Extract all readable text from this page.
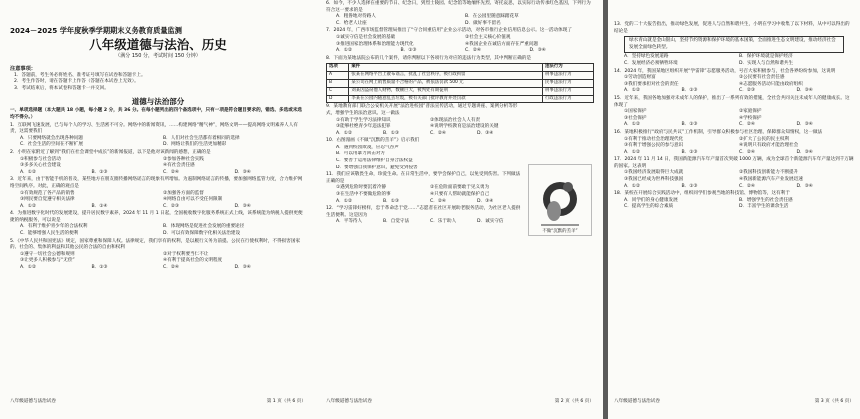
2024－2025 学年度秋季学期期末义务教育质量监测
八年级道德与法治、历史
（满分 150 分，考试时间 150 分钟）
注意事项：
1．答题前，考生务必将姓名、准考证号填写在试卷和答题卡上。
2．考生作答时，请在答题卡上作答（答题在本试卷上无效）。
3．考试结束后，将本试卷和答题卡一并交回。
道德与法治部分
一、单项选择题（本大题共 18 小题，每小题 2 分，共 36 分。在每小题列出的四个备选项中，只有一项是符合题目要求的，错选、多选或未选均不得分。）
1．互联网飞速发展，已与每个人的学习、生活密不可分。网络中的新闻资讯，……构建网络“精气神”，网络文明——提高网络文明素养人人有责，这需要我们
A．只要网络就会出现各种问题	B．人们对社会生活都有着相同的选择
C．社会生活的空间在不断扩展	D．网络让我们的生活更加精彩
2．小明在家附近了解到“我们在社会课堂中成长”的新闻报道，以下是他对该新闻的感想，正确的是
①积极参与社会活动	②参加各种社会实践
③多多关心社会建设	④有社会责任感
A．①②	B．①③	C．②④	D．③④
3．近年来，由于智能手机的普及，某些地方在朋友圈传播网络谣言的现象有所增加。为遏制网络谣言的传播，要加强网络监管力度，合力维护网络空间秩序。对此，正确的观点是
①有效规范了各产品的销售	②加强各方面的监督
③网民要自觉遵守相关法律	④网络自由可以不受任何限制
A．①②	B．①④	C．②③	D．③④
4．为推进数字化时代的发展建设，提升居民数字素养，2024 年 11 月 1 日起，全国税收数字化服务系统正式上线，该系统能为纳税人提供更便捷的纳税服务，可以说是
A．有利于维护青少年的合法权利	B．体现网络是促进社会发展的重要途径
C．能够增强人民生活的便利	D．可以有效保障数字化相关法治建设
5．《中华人民共和国宪法》规定，国家尊重和保障人权。法律规定，我们享有的权利，是以履行义务为前提。公民在行使权利时，不得损害国家的、社会的、集体的利益和其他公民的合法的自由和权利
①遵守一切社会公德和规则	②对于权利要当仁不让
③让更多人积极参与“无偿”	④有利于提高社会的文明程度
A．①②	B．①③	C．②④	D．③④
八年级道德与法治试卷	第 1 页（共 6 页）
6．如今，不少人选择在重要的节日、纪念日，到烈士陵园、纪念馆等地缅怀先烈、寄托哀思，以实际行动传承红色基因，下列行为符合这一要求的是
A．粗鲁地对待路人	B．在公园里随意踩踏花草
C．给老人让座	D．做好事不留名
7．2024 年，广西市场监督管理局推出了“守合同重信用”企业公示活动，对各市推行企业信用信息公示。这一活动体现了
①诚实守信是社会发展的基础	②社会主义核心价值观
③推进国家治理体系和治理能力现代化	④我国企业在诚信方面存在严重问题
A．①②	B．①③	C．②④	D．③④
8．下面为某地法院公布的几个案件，请你判断以下各项行为对应的违法行为类型，其中判断正确的是
选项	案件	违法行为
A	张某在网络平台上散布谣言，扰乱了社会秩序，被行政拘留	刑事违法行为
B	某公司在网上销售质量不合格的产品，被依法罚款 500 元	民事违法行为
C	刘某因盗窃他人财物，数额巨大，被判处有期徒刑	刑事违法行为
D	李某在公园内随意乱丢垃圾，被有关部门批评教育并处罚款	行政违法行为
不做“沉默的羔羊”
9．某地教育部门联合公安机关开展“法治进校园”普法宣传活动，通过专题讲座、案例分析等形式，增强学生的法治意识。这一做法
①有助于学生学习法律知识	②体现法治社会人人有责
③能够杜绝青少年违法犯罪	④说明学校教育是法治建设的关键
A．①②	B．①③	C．②④	D．③④
10．右图漫画《不做“沉默的羔羊”》启示我们
A．遇到校园欺凌，应忍气吞声
B．可以用暴力回击对方
C．要善于运用法律维护自身合法权益
D．要增强自我保护意识，避免受到侵害
11．我们应该敬畏生命，珍爱生命。在日常生活中，要学会保护自己，以免受到伤害。下列做法正确的是
①遇到危险时要沉着冷静	②在危险面前要敢于见义勇为
③在生活中不要做危险的事	④只要有人帮助就能保护自己
A．①②	B．①③	C．②④	D．③④
12．“学习雷锋好榜样，忠于革命忠于党……”志愿者在社区开展助老服务活动，为社区老人提供生活便利。这是因为
A．平等待人	B．自觉守法	C．乐于助人	D．诚实守信
八年级道德与法治试卷	第 2 页（共 6 页）
13．党的二十大报告指出，推动绿色发展，促进人与自然和谐共生，小明在学习中收集了以下材料，从中可以得出的结论是
绿水青山就是金山银山，坚持节约资源和保护环境的基本国策，全面推进生态文明建设，推动经济社会发展全面绿色转型。
A．坚持绿色发展道路	B．保护环境就是保护经济
C．发展经济必须牺牲环境	D．实现人与自然和谐共生
14．2024 年，我国某地区组织开展“学雷锋”志愿服务活动，号召大家积极参与，社会各界纷纷参加，这说明
①劳动创造财富	②公民要有社会责任感
③我们要承担对社会的责任	④志愿服务活动只能由政府组织
A．①②	B．①③	C．②③	D．③④
15．近年来，我国各地加强对未成年人的保护，推出了一系列有效的措施，全社会共同关注未成年人的健康成长。这体现了
①国家保护	②家庭保护
③社会保护	④学校保护
A．①②	B．①③	C．②④	D．③④
16．某地积极推行“政府与民共议”工作机制，引导群众积极参与社区治理、保障群众知情权，这一做法
①有利于推动社会治理现代化	②扩大了公民的民主权利
③有利于增强公民的参与意识	④说明只有政府才能治理社会
A．①②	B．①③	C．②④	D．③④
17．2024 年 11 月 14 日，我国新能源汽车年产量首次突破 1000 万辆，成为全球首个新能源汽车年产量达到千万辆的国家。这表明
①我国经济发展取得巨大成就	②我国科技创新能力不断提升
③我国已经成为世界科技强国	④我国新能源汽车产业发展迅速
A．①②	B．①③	C．②④	D．③④
18．某校在开展综合实践活动中，组织同学们参观当地的科技馆、博物馆等，这有利于
A．同学们的身心健康发展	B．增强学生的社会责任感
C．提高学生的综合素质	D．丰富学生的课余生活
八年级道德与法治试卷	第 3 页（共 6 页）
